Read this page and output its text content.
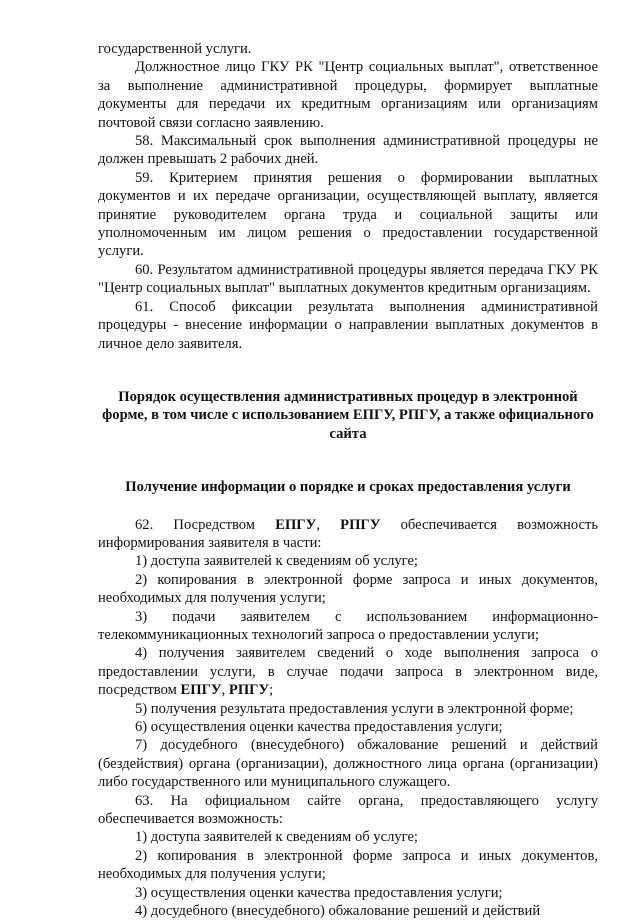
государственной услуги.

Должностное лицо ГКУ РК "Центр социальных выплат", ответственное за выполнение административной процедуры, формирует выплатные документы для передачи их кредитным организациям или организациям почтовой связи согласно заявлению.

58. Максимальный срок выполнения административной процедуры не должен превышать 2 рабочих дней.

59. Критерием принятия решения о формировании выплатных документов и их передаче организации, осуществляющей выплату, является принятие руководителем органа труда и социальной защиты или уполномоченным им лицом решения о предоставлении государственной услуги.

60. Результатом административной процедуры является передача ГКУ РК "Центр социальных выплат" выплатных документов кредитным организациям.

61. Способ фиксации результата выполнения административной процедуры - внесение информации о направлении выплатных документов в личное дело заявителя.

Порядок осуществления административных процедур в электронной форме, в том числе с использованием ЕПГУ, РПГУ, а также официального сайта
Получение информации о порядке и сроках предоставления услуги

62. Посредством ЕПГУ, РПГУ обеспечивается возможность информирования заявителя в части:

1) доступа заявителей к сведениям об услуге;

2) копирования в электронной форме запроса и иных документов, необходимых для получения услуги;

3) подачи заявителем с использованием информационно-телекоммуникационных технологий запроса о предоставлении услуги;

4) получения заявителем сведений о ходе выполнения запроса о предоставлении услуги, в случае подачи запроса в электронном виде, посредством ЕПГУ, РПГУ;

5) получения результата предоставления услуги в электронной форме;

6) осуществления оценки качества предоставления услуги;

7) досудебного (внесудебного) обжалование решений и действий (бездействия) органа (организации), должностного лица органа (организации) либо государственного или муниципального служащего.

63. На официальном сайте органа, предоставляющего услугу обеспечивается возможность:

1) доступа заявителей к сведениям об услуге;

2) копирования в электронной форме запроса и иных документов, необходимых для получения услуги;

3) осуществления оценки качества предоставления услуги;

4) досудебного (внесудебного) обжалование решений и действий
